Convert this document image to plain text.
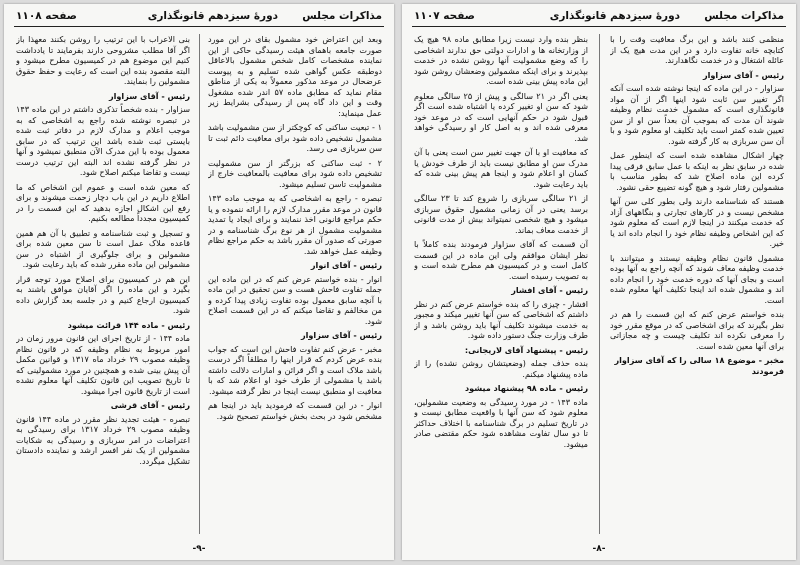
مذاکرات مجلس
دورهٔ سیزدهم قانونگذاری
صفحه ۱۱۰۸

وبعد این اعتراض خود مشمول بقای در این مورد صورت جامعه باهمای هیئت رسیدگی حاکی از این نماینده مشخصات کامل شخص مشمول بالاعاقل دوطبقه عکس گواهی شده تسلیم و به پیوست عرضحال در موعد مذکور معمولاً به یکی از مناطق مقام نماید که مطابق ماده ۵۷ اندر شده مشغول وقت و این داد گاه پس از رسیدگی بشرایط زیر عمل مینماید:

۱ - تبعیت ساکنی که کوچکتر از سن مشمولیت باشد مشمول نشخیص داده شود برای معافیت دائم ثبت تا سن سربازی می رسد.

۲ - ثبت ساکنی که بزرگتر از سن مشمولیت تشخیص داده شود برای معافیت بالمعافیت خارج از مشمولیت تاسن تسلیم میشود.

تبصره - راجع به اشخاصی که به موجب ماده ۱۴۳ قانون در موعد مقرر مدارک لازم را ارائه ننموده و یا حکم مراجع قانونی اخذ ننمایند و برای ایجاد یا تمدید مشمولیت مشمول از هر نوع برگ شناسنامه و در صورتی که صدور آن مقرر باشد به حکم مراجع نظام وظیفه عمل خواهد شد.

رئیس - آقای انوار

انوار - بنده خواستم عرض کنم که در این ماده این جمله تفاوت فاحش هست و سن تحقیق در این ماده با آنچه سابق معمول بوده تفاوت زیادی پیدا کرده و من مخالفم و تقاضا میکنم که در این قسمت اصلاح شود.

رئیس - آقای سزاوار

مخبر - عرض کنم تفاوت فاحش این است که جواب بنده عرض کردم که قرار اینها را مطلقاً اگر درست باشد ملاک است و اگر قرائن و امارات دلالت داشته باشد یا مشمولی از طرف خود او اعلام شد که با معافیت او منطبق نیست اینجا در نظر گرفته میشود.

انوار - در این قسمت که فرمودید باید در اینجا هم مشخص شود در بحث بخش خواستم تصحیح شود.

بنی الاعراب با این ترتیب را روشن بکنند معهذا باز اگر آقا مطلب مشروحی دارند بفرمایند تا یادداشت کنیم این موضوع هم در کمیسیون مطرح میشود و البته مقصود بنده این است که رعایت و حفظ حقوق مشمولین را بنمایند.

رئیس - آقای سزاوار

سزاوار - بنده شخصاً تذکری داشتم در این ماده ۱۴۳ در تبصره نوشته شده راجع به اشخاصی که به موجب اعلام و مدارک لازم در دفاتر ثبت شده بایستی ثبت شده باشد این ترتیب که در سابق معمول بوده با این مدرک الآن منطبق نمیشود و آنها در نظر گرفته نشده اند البته این ترتیب درست نیست و تقاضا میکنم اصلاح شود.

که معین شده است و عموم این اشخاص که ما اطلاع داریم در این باب دچار زحمت میشوند و برای رفع این اشکال اجازه بدهید که این قسمت را در کمیسیون مجدداً مطالعه بکنیم.

و تسجیل و ثبت شناسنامه و تطبیق با آن هم همین قاعده ملاک عمل است تا سن معین شده برای مشمولین و برای جلوگیری از اشتباه در سن مشمولین این ماده مقرر شده که باید رعایت شود.

این هم در کمیسیون برای اصلاح مورد توجه قرار بگیرد و این ماده را اگر آقایان موافق باشند به کمیسیون ارجاع کنیم و در جلسه بعد گزارش داده شود.

رئیس - ماده ۱۴۴ قرائت میشود

ماده ۱۴۴ - از تاریخ اجرای این قانون مرور زمان در امور مربوط به نظام وظیفه که در قانون نظام وظیفه مصوب ۲۹ خرداد ماه ۱۳۱۷ و قوانین مکمل آن پیش بینی شده و همچنین در مورد مشمولینی که تا تاریخ تصویب این قانون تکلیف آنها معلوم نشده است از تاریخ قانون اجرا میشود.

رئیس - آقای قرشی

تبصره - هیئت تجدید نظر مقرر در ماده ۱۴۴ قانون وظیفه مصوب ۲۹ خرداد ۱۳۱۷ برای رسیدگی به اعتراضات در امر سربازی و رسیدگی به شکایات مشمولین از یک نفر افسر ارشد و نماینده دادستان تشکیل میگردد.

-۹-
مذاکرات مجلس
دورهٔ سیزدهم قانونگذاری
صفحه ۱۱۰۷

منظمی کنند باشد و این برگ معافیت وقت را با کتابچه خانه تفاوت دارد و در این مدت هیچ یک از عائله اشتغال و در خدمت نگاهدارند.

رئیس - آقای سزاوار

سزاوار - در این ماده که اینجا نوشته شده است آنکه اگر تغییر سن ثابت شود اینها اگر از آن مواد قانونگذاری است که مشمول خدمت نظام وظیفه شوند آن مدت که بموجب آن بعداً سن او از سن تعیین شده کمتر است باید تکلیف او معلوم شود و با آن سن سربازی به کار گرفته شود.

چهار اشکال مشاهده شده است که اینطور عمل شده در سابق نظر به اینکه با عمل سابق فرقی پیدا کرده این ماده اصلاح شد که بطور مناسب با مشمولین رفتار شود و هیچ گونه تضییع حقی نشود.

هستند که شناسنامه دارند ولی بطور کلی سن آنها مشخص نیست و در کارهای تجارتی و بنگاههای آزاد که خدمت میکنند در اینجا لازم است که معلوم شود که این اشخاص وظیفه نظام خود را انجام داده اند یا خیر.

مشمول قانون نظام وظیفه نیستند و میتوانند با خدمت وظیفه معاف شوند که آنچه راجع به آنها بوده است و بجای آنها که دوره خدمت خود را انجام داده اند و مشمول شده اند اینجا تکلیف آنها معلوم شده است.

بنده خواستم عرض کنم که این قسمت را هم در نظر بگیرند که برای اشخاصی که در موقع مقرر خود را معرفی نکرده اند تکلیف چیست و چه مجازاتی برای آنها معین شده است.

مخبر - موضوع ۱۸ سالی را که آقای سزاوار فرمودند

بنظر بنده وارد نیست زیرا مطابق ماده ۹۸ هیچ یک از وزارتخانه ها و ادارات دولتی حق ندارند اشخاصی را که وضع مشمولیت آنها روشن نشده در خدمت بپذیرند و برای اینکه مشمولین وضعشان روشن شود این ماده پیش بینی شده است.

یعنی اگر در ۲۱ سالگی و پیش از ۲۵ سالگی معلوم شود که سن او تغییر کرده یا اشتباه شده است اگر قبول شود در حکم آنهایی است که در موعد خود معرفی شده اند و به اصل کار او رسیدگی خواهد شد.

که معافیت او با آن جهت تغییر سن است یعنی با آن مدرک سن او مطابق نیست باید از طرف خودش یا کسان او اعلام شود و اینجا هم پیش بینی شده که باید رعایت شود.

از ۲۱ سالگی سربازی را شروع کند تا ۲۳ سالگی برسد یعنی در آن زمانی مشمول حقوق سربازی میشود و هیچ شخصی نمیتواند بیش از مدت قانونی از خدمت معاف بماند.

آن قسمت که آقای سزاوار فرمودند بنده کاملاً با نظر ایشان موافقم ولی این ماده در این قسمت کامل است و در کمیسیون هم مطرح شده است و به تصویب رسیده است.

رئیس - آقای افشار

افشار - چیزی را که بنده خواستم عرض کنم در نظر داشتم که اشخاصی که سن آنها تغییر میکند و مجبور به خدمت میشوند تکلیف آنها باید روشن باشد و از طرف وزارت جنگ دستور داده شود.

رئیس - پیشنهاد آقای لاریجانی:

بنده حذف جمله (وضعیتشان روشن نشده) را از ماده پیشنهاد میکنم.

رئیس - ماده ۹۸ پیشنهاد میشود

ماده ۱۴۳ - در مورد رسیدگی به وضعیت مشمولین، معلوم شود که سن آنها با واقعیت مطابق نیست و در تاریخ تسلیم در برگ شناسنامه با اختلاف حداکثر تا دو سال تفاوت مشاهده شود حکم مقتضی صادر میشود.

-۸-
